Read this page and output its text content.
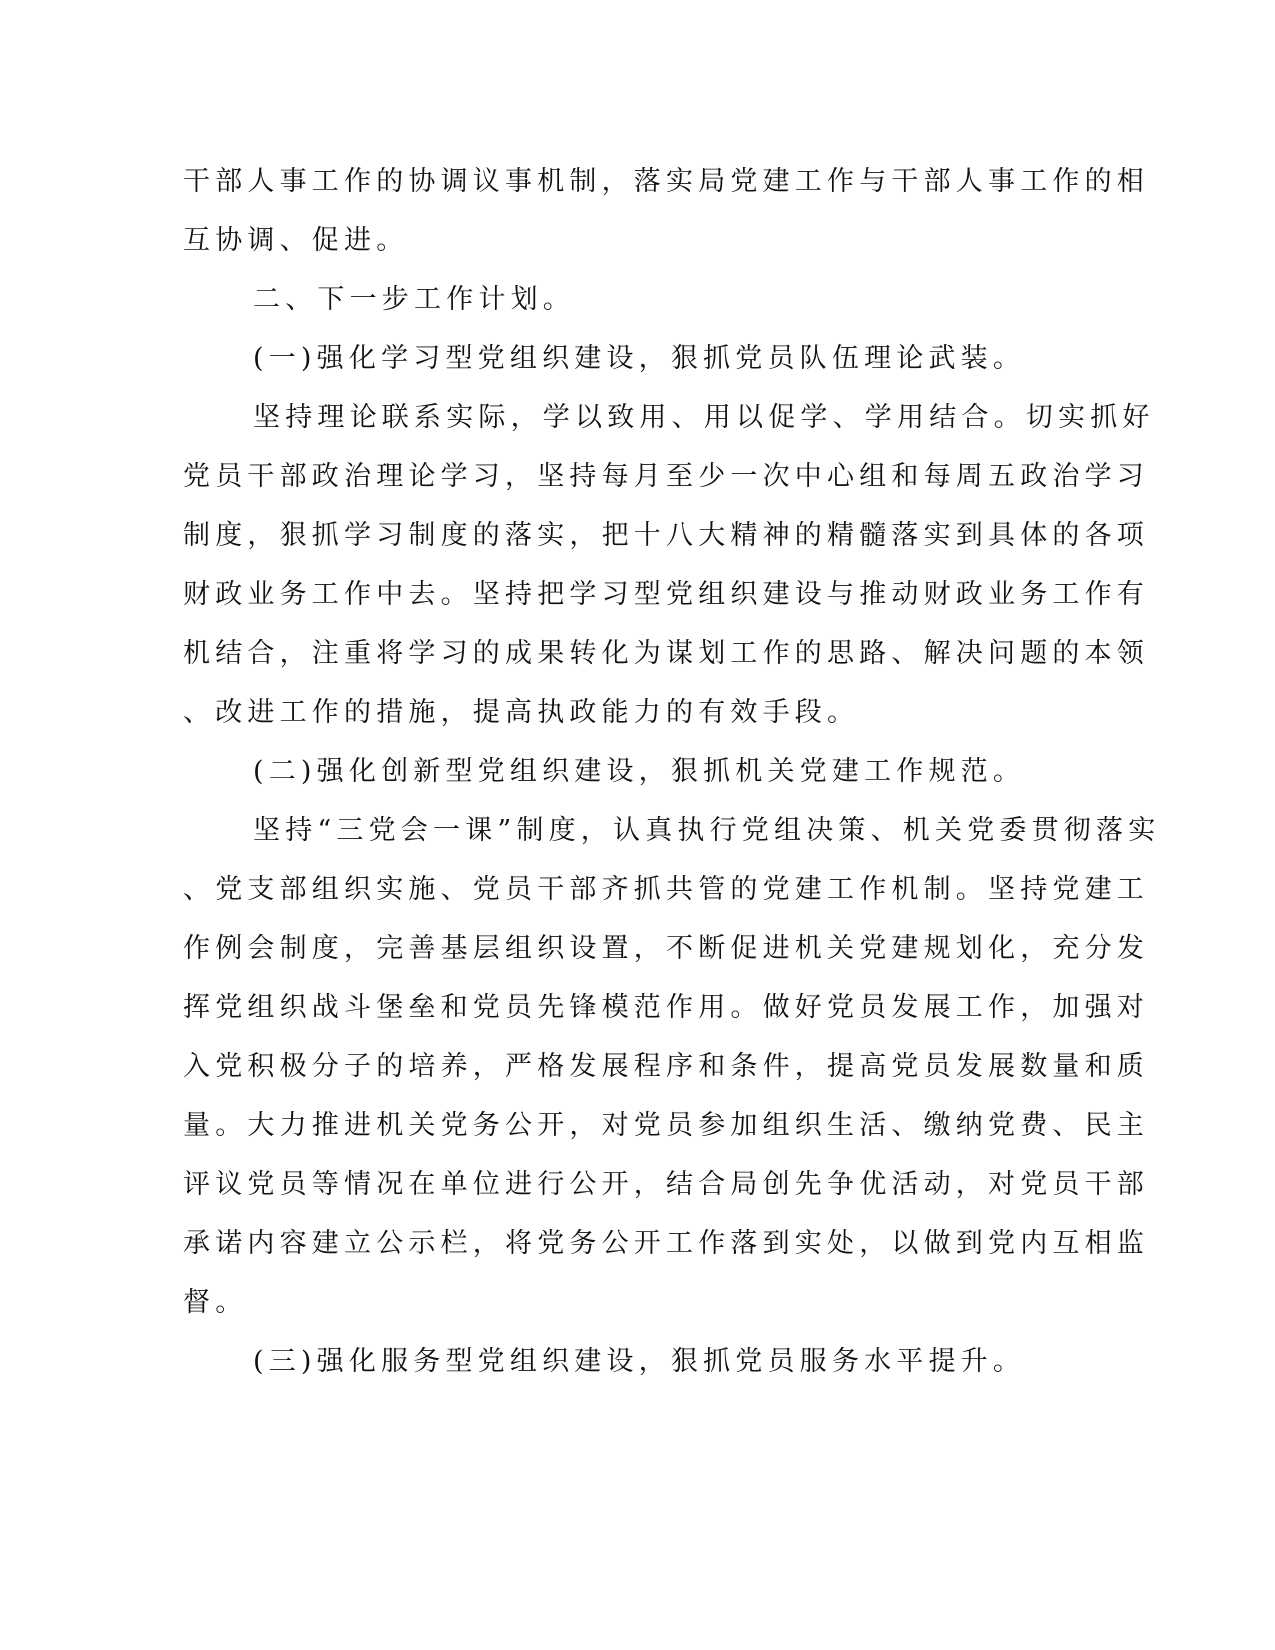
干部人事工作的协调议事机制，落实局党建工作与干部人事工作的相

互协调、促进。

二、下一步工作计划。

(一)强化学习型党组织建设，狠抓党员队伍理论武装。

坚持理论联系实际，学以致用、用以促学、学用结合。切实抓好

党员干部政治理论学习，坚持每月至少一次中心组和每周五政治学习

制度，狠抓学习制度的落实，把十八大精神的精髓落实到具体的各项

财政业务工作中去。坚持把学习型党组织建设与推动财政业务工作有

机结合，注重将学习的成果转化为谋划工作的思路、解决问题的本领

、改进工作的措施，提高执政能力的有效手段。

(二)强化创新型党组织建设，狠抓机关党建工作规范。

坚持“三党会一课”制度，认真执行党组决策、机关党委贯彻落实

、党支部组织实施、党员干部齐抓共管的党建工作机制。坚持党建工

作例会制度，完善基层组织设置，不断促进机关党建规划化，充分发

挥党组织战斗堡垒和党员先锋模范作用。做好党员发展工作，加强对

入党积极分子的培养，严格发展程序和条件，提高党员发展数量和质

量。大力推进机关党务公开，对党员参加组织生活、缴纳党费、民主

评议党员等情况在单位进行公开，结合局创先争优活动，对党员干部

承诺内容建立公示栏，将党务公开工作落到实处，以做到党内互相监

督。

(三)强化服务型党组织建设，狠抓党员服务水平提升。
